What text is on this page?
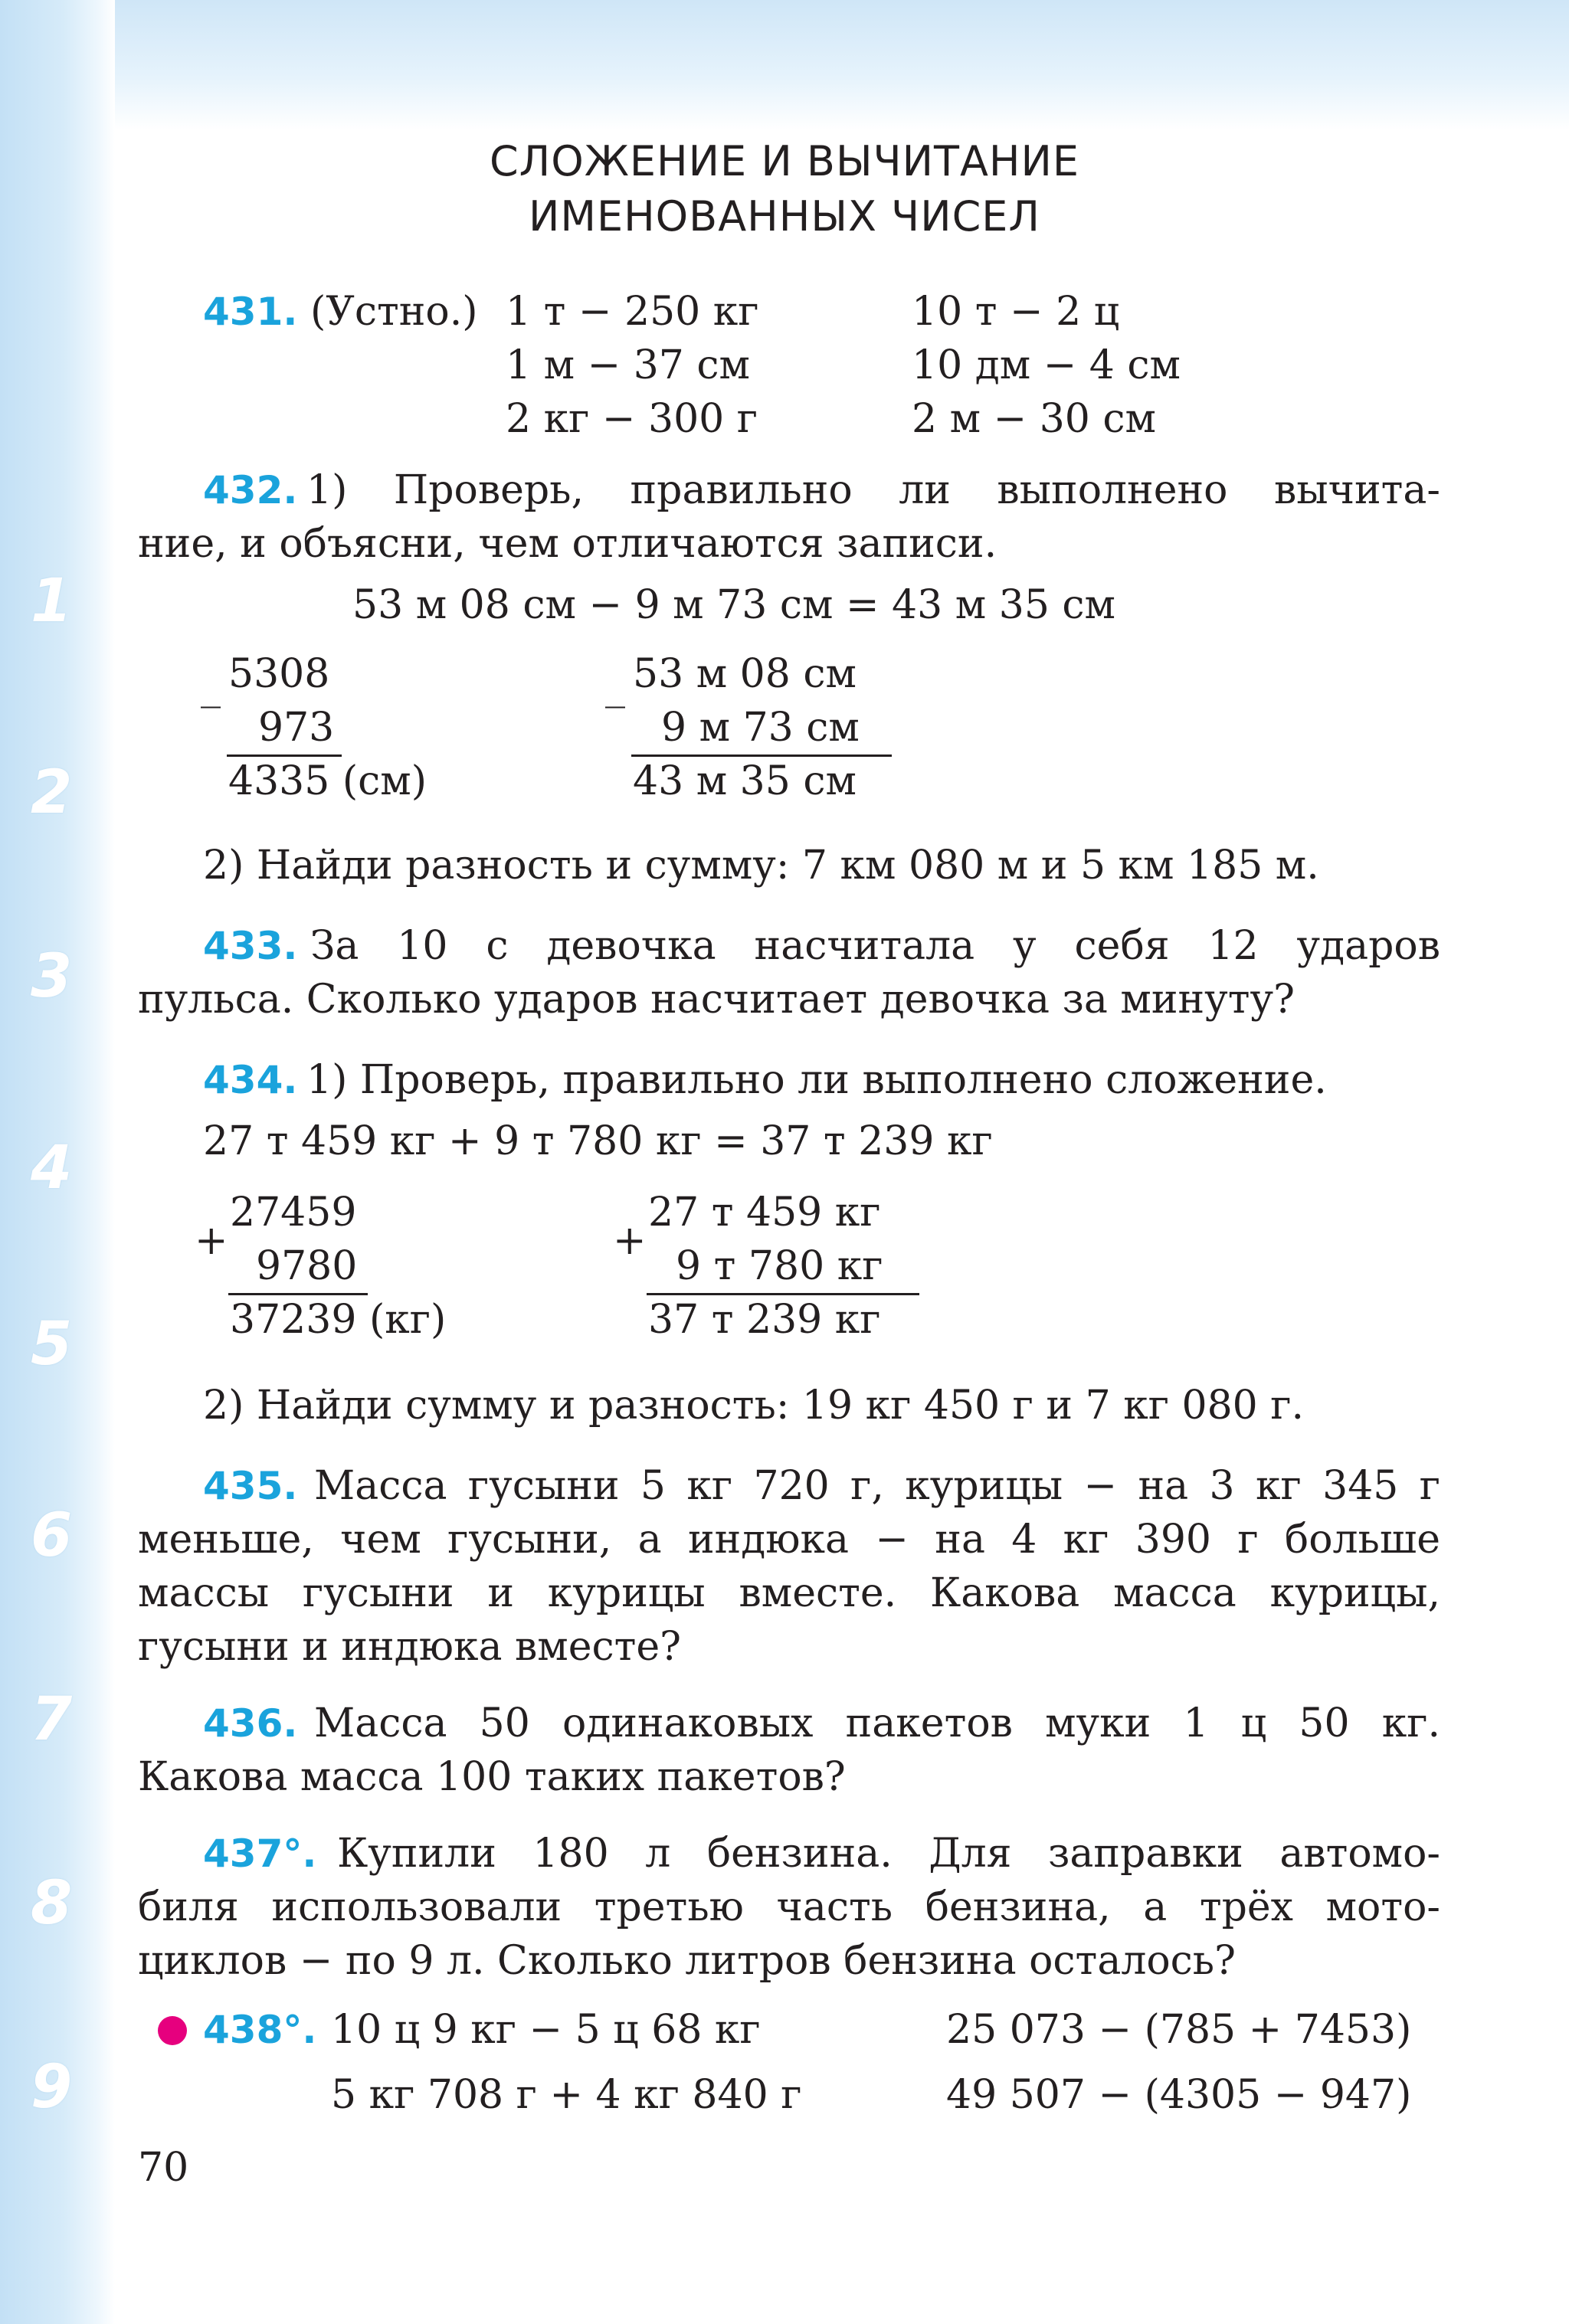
1
2
3
4
5
6
7
8
9
СЛОЖЕНИЕ И ВЫЧИТАНИЕ
ИМЕНОВАННЫХ ЧИСЕЛ
431. (Устно.) 1 т − 250 кг	10 т − 2 ц
1 м − 37 см	10 дм − 4 см
2 кг − 300 г	2 м − 30 см
432. 1) Проверь, правильно ли выполнено вычита-
ние, и объясни, чем отличаются записи.
53 м 08 см − 9 м 73 см = 43 м 35 см
_ 5308
973
4335 (см)
_ 53 м 08 см
9 м 73 см
43 м 35 см
2) Найди разность и сумму: 7 км 080 м и 5 км 185 м.
433. За 10 с девочка насчитала у себя 12 ударов
пульса. Сколько ударов насчитает девочка за минуту?
434. 1) Проверь, правильно ли выполнено сложение.
27 т 459 кг + 9 т 780 кг = 37 т 239 кг
+
27459
9780
37239 (кг)
+
27 т 459 кг
9 т 780 кг
37 т 239 кг
2) Найди сумму и разность: 19 кг 450 г и 7 кг 080 г.
435. Масса гусыни 5 кг 720 г, курицы − на 3 кг 345 г
меньше, чем гусыни, а индюка − на 4 кг 390 г больше
массы гусыни и курицы вместе. Какова масса курицы,
гусыни и индюка вместе?
436. Масса 50 одинаковых пакетов муки 1 ц 50 кг.
Какова масса 100 таких пакетов?
437°. Купили 180 л бензина. Для заправки автомо-
биля использовали третью часть бензина, а трёх мото-
циклов − по 9 л. Сколько литров бензина осталось?
438°. 10 ц 9 кг − 5 ц 68 кг	25 073 − (785 + 7453)
5 кг 708 г + 4 кг 840 г	49 507 − (4305 − 947)
70
